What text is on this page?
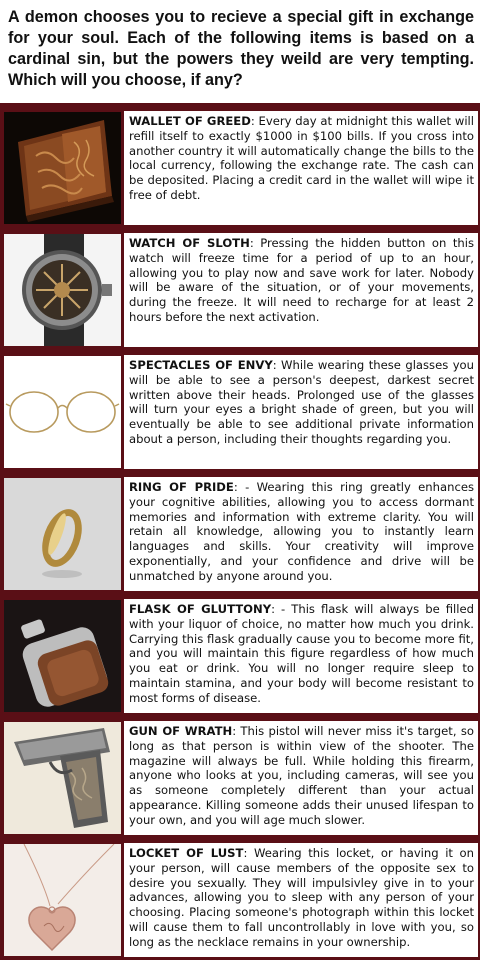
A demon chooses you to recieve a special gift in exchange for your soul. Each of the following items is based on a cardinal sin, but the powers they weild are very tempting. Which will you choose, if any?
WALLET OF GREED: Every day at midnight this wallet will refill itself to exactly $1000 in $100 bills. If you cross into another country it will automatically change the bills to the local currency, following the exchange rate. The cash can be deposited. Placing a credit card in the wallet will wipe it free of debt.
WATCH OF SLOTH: Pressing the hidden button on this watch will freeze time for a period of up to an hour, allowing you to play now and save work for later. Nobody will be aware of the situation, or of your movements, during the freeze. It will need to recharge for at least 2 hours before the next activation.
SPECTACLES OF ENVY: While wearing these glasses you will be able to see a person's deepest, darkest secret written above their heads. Prolonged use of the glasses will turn your eyes a bright shade of green, but you will eventually be able to see additional private information about a person, including their thoughts regarding you.
RING OF PRIDE: - Wearing this ring greatly enhances your cognitive abilities, allowing you to access dormant memories and information with extreme clarity. You will retain all knowledge, allowing you to instantly learn languages and skills. Your creativity will improve exponentially, and your confidence and drive will be unmatched by anyone around you.
FLASK OF GLUTTONY: - This flask will always be filled with your liquor of choice, no matter how much you drink. Carrying this flask gradually cause you to become more fit, and you will maintain this figure regardless of how much you eat or drink. You will no longer require sleep to maintain stamina, and your body will become resistant to most forms of disease.
GUN OF WRATH: This pistol will never miss it's target, so long as that person is within view of the shooter. The magazine will always be full. While holding this firearm, anyone who looks at you, including cameras, will see you as someone completely different than your actual appearance. Killing someone adds their unused lifespan to your own, and you will age much slower.
LOCKET OF LUST: Wearing this locket, or having it on your person, will cause members of the opposite sex to desire you sexually. They will impulsivley give in to your advances, allowing you to sleep with any person of your choosing. Placing someone's photograph within this locket will cause them to fall uncontrollably in love with you, so long as the necklace remains in your ownership.
